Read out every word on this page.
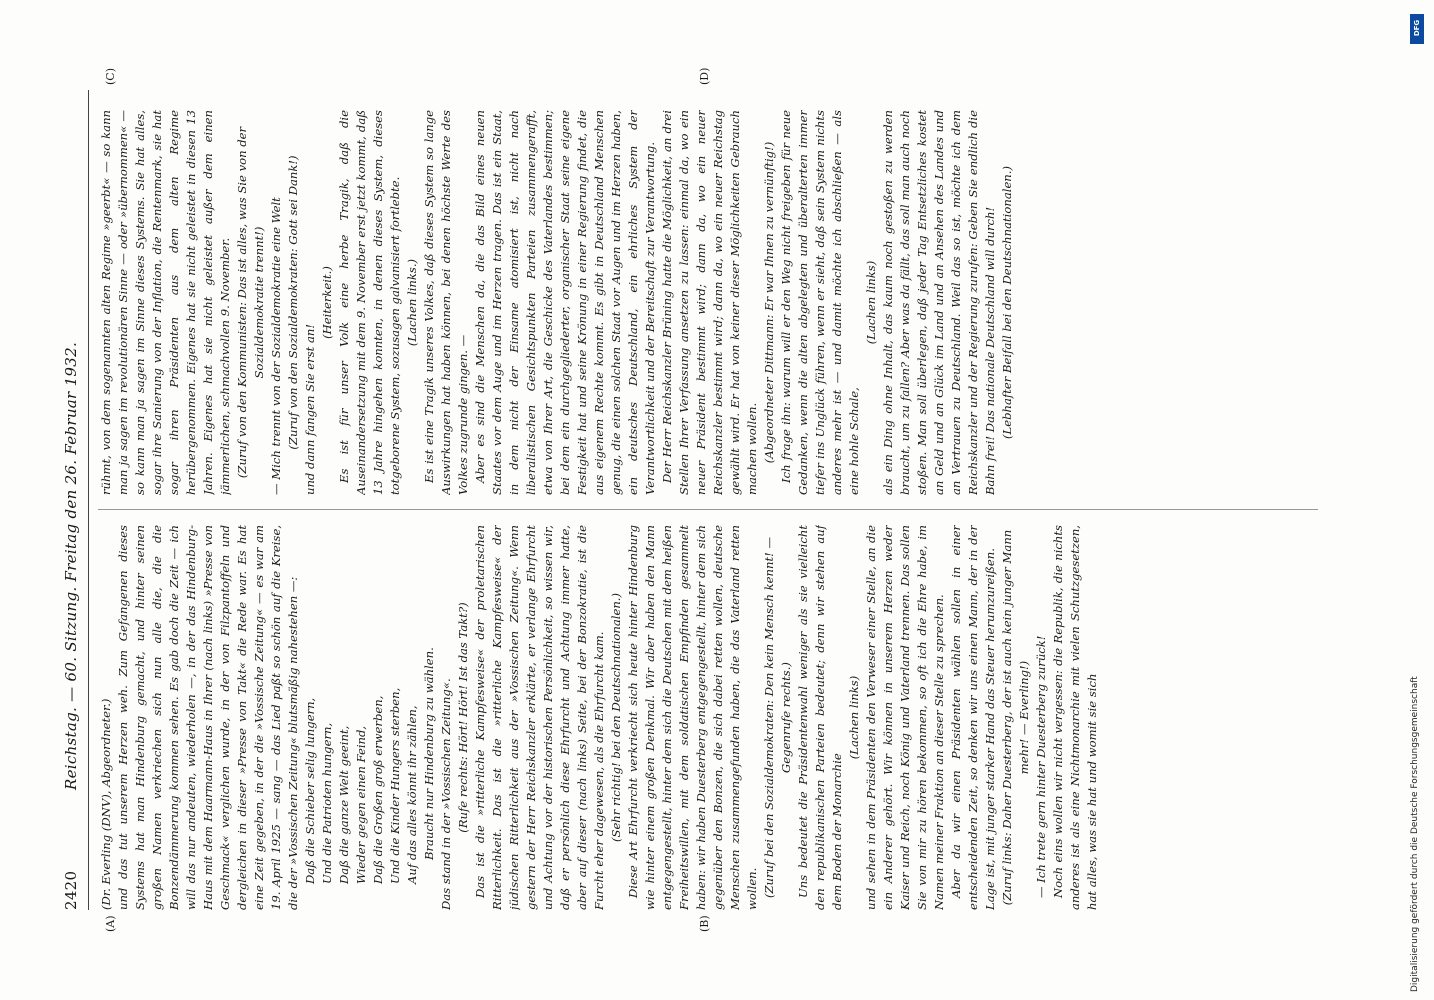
2420
Reichstag. — 60. Sitzung. Freitag den 26. Februar 1932.

(Dr. Everling (DNV), Abgeordneter.) und das tut unserem Herzen weh. Zum Gefangenen dieses Systems hat man Hindenburg gemacht, und hinter seinen großen Namen verkriechen sich nun alle die, die die Bonzendämmerung kommen sehen. Es gab doch die Zeit — ich will das nur andeuten, wiederholen —, in der das Hindenburg-Haus mit dem Haarmann-Haus in Ihrer (nach links) »Presse von Geschmack« verglichen wurde, in der von Filzpantoffeln und dergleichen in dieser »Presse von Takt« die Rede war. Es hat eine Zeit gegeben, in der die »Vossische Zeitung« — es war am 19. April 1925 — sang — das Lied paßt so schön auf die Kreise, die der »Vossischen Zeitung« blutsmäßig nahestehen —: Daß die Schieber selig lungern, Und die Patrioten hungern, Daß die ganze Welt geeint, Wieder gegen einen Feind, Daß die Großen groß erwerben, Und die Kinder Hungers sterben, Auf das alles könnt ihr zählen, Braucht nur Hindenburg zu wählen. Das stand in der »Vossischen Zeitung«. (Rufe rechts: Hört! Hört! Ist das Takt?) Das ist die »ritterliche Kampfesweise« der proletarischen Ritterlichkeit. Das ist die »ritterliche Kampfesweise« der jüdischen Ritterlichkeit aus der »Vossischen Zeitung«. Wenn gestern der Herr Reichskanzler erklärte, er verlange Ehrfurcht und Achtung vor der historischen Persönlichkeit, so wissen wir, daß er persönlich diese Ehrfurcht und Achtung immer hatte, aber auf dieser (nach links) Seite, bei der Bonzokratie, ist die Furcht eher dagewesen, als die Ehrfurcht kam. (Sehr richtig! bei den Deutschnationalen.) Diese Art Ehrfurcht verkriecht sich heute hinter Hindenburg wie hinter einem großen Denkmal. Wir aber haben den Mann entgegengestellt, hinter dem sich die Deutschen mit dem heißen Freiheitswillen, mit dem soldatischen Empfinden gesammelt haben: wir haben Duesterberg entgegengestellt, hinter dem sich gegenüber den Bonzen, die sich dabei retten wollen, deutsche Menschen zusammengefunden haben, die das Vaterland retten wollen. (Zuruf bei den Sozialdemokraten: Den kein Mensch kennt! — Gegenrufe rechts.) Uns bedeutet die Präsidentenwahl weniger als sie vielleicht den republikanischen Parteien bedeutet; denn wir stehen auf dem Boden der Monarchie

(Lachen links) und sehen in dem Präsidenten den Verweser einer Stelle, an die ein Anderer gehört. Wir können in unserem Herzen weder Kaiser und Reich, noch König und Vaterland trennen. Das sollen Sie von mir zu hören bekommen, so oft ich die Ehre habe, im Namen meiner Fraktion an dieser Stelle zu sprechen. Aber da wir einen Präsidenten wählen sollen in einer entscheidenden Zeit, so denken wir uns einen Mann, der in der Lage ist, mit junger starker Hand das Steuer herumzureißen. (Zuruf links: Daher Duesterberg, der ist auch kein junger Mann mehr! — Everling!) — Ich trete gern hinter Duesterberg zurück! Noch eins wollen wir nicht vergessen: die Republik, die nichts anderes ist als eine Nichtmonarchie mit vielen Schutzgesetzen, hat alles, was sie hat und womit sie sich

rühmt, von dem sogenannten alten Regime »geerbt« — so kann man ja sagen im revolutionären Sinne — oder »übernommen« — so kann man ja sagen im Sinne dieses Systems. Sie hat alles, sogar ihre Sanierung von der Inflation, die Rentenmark, sie hat sogar ihren Präsidenten aus dem alten Regime herübergenommen. Eigenes hat sie nicht geleistet in diesen 13 Jahren. Eigenes hat sie nicht geleistet außer dem einen jämmerlichen, schmachvollen 9. November. (Zuruf von den Kommunisten: Das ist alles, was Sie von der Sozialdemokratie trennt!) — Mich trennt von der Sozialdemokratie eine Welt (Zuruf von den Sozialdemokraten: Gott sei Dank!) und dann fangen Sie erst an!

(Heiterkeit.) Es ist für unser Volk eine herbe Tragik, daß die Auseinandersetzung mit dem 9. November erst jetzt kommt, daß 13 Jahre hingehen konnten, in denen dieses System, dieses totgeborene System, sozusagen galvanisiert fortlebte. (Lachen links.) Es ist eine Tragik unseres Volkes, daß dieses System so lange Auswirkungen hat haben können, bei denen höchste Werte des Volkes zugrunde gingen. — Aber es sind die Menschen da, die das Bild eines neuen Staates vor dem Auge und im Herzen tragen. Das ist ein Staat, in dem nicht der Einsame atomisiert ist, nicht nach liberalistischen Gesichtspunkten Parteien zusammengerafft, etwa von Ihrer Art, die Geschicke des Vaterlandes bestimmen; bei dem ein durchgegliederter, organischer Staat seine eigene Festigkeit hat und seine Krönung in einer Regierung findet, die aus eigenem Rechte kommt. Es gibt in Deutschland Menschen genug, die einen solchen Staat vor Augen und im Herzen haben, ein deutsches Deutschland, ein ehrliches System der Verantwortlichkeit und der Bereitschaft zur Verantwortung. Der Herr Reichskanzler Brüning hatte die Möglichkeit, an drei Stellen Ihrer Verfassung ansetzen zu lassen: einmal da, wo ein neuer Präsident bestimmt wird; dann da, wo ein neuer Reichskanzler bestimmt wird; dann da, wo ein neuer Reichstag gewählt wird. Er hat von keiner dieser Möglichkeiten Gebrauch machen wollen. (Abgeordneter Dittmann: Er war Ihnen zu vernünftig!) Ich frage ihn: warum will er den Weg nicht freigeben für neue Gedanken, wenn die alten abgelegten und überalterten immer tiefer ins Unglück führen, wenn er sieht, daß sein System nichts anderes mehr ist — und damit möchte ich abschließen — als eine hohle Schale,

(Lachen links) als ein Ding ohne Inhalt, das kaum noch gestoßen zu werden braucht, um zu fallen? Aber was da fällt, das soll man auch noch stoßen. Man soll überlegen, daß jeder Tag Entsetzliches kostet an Geld und an Glück im Land und an Ansehen des Landes und an Vertrauen zu Deutschland. Weil das so ist, möchte ich dem Reichskanzler und der Regierung zurufen: Geben Sie endlich die Bahn frei! Das nationale Deutschland will durch! (Lebhafter Beifall bei den Deutschnationalen.)

(A)	(B)
(C)	(D)
Digitalisierung gefördert durch die Deutsche Forschungsgemeinschaft
DFG
